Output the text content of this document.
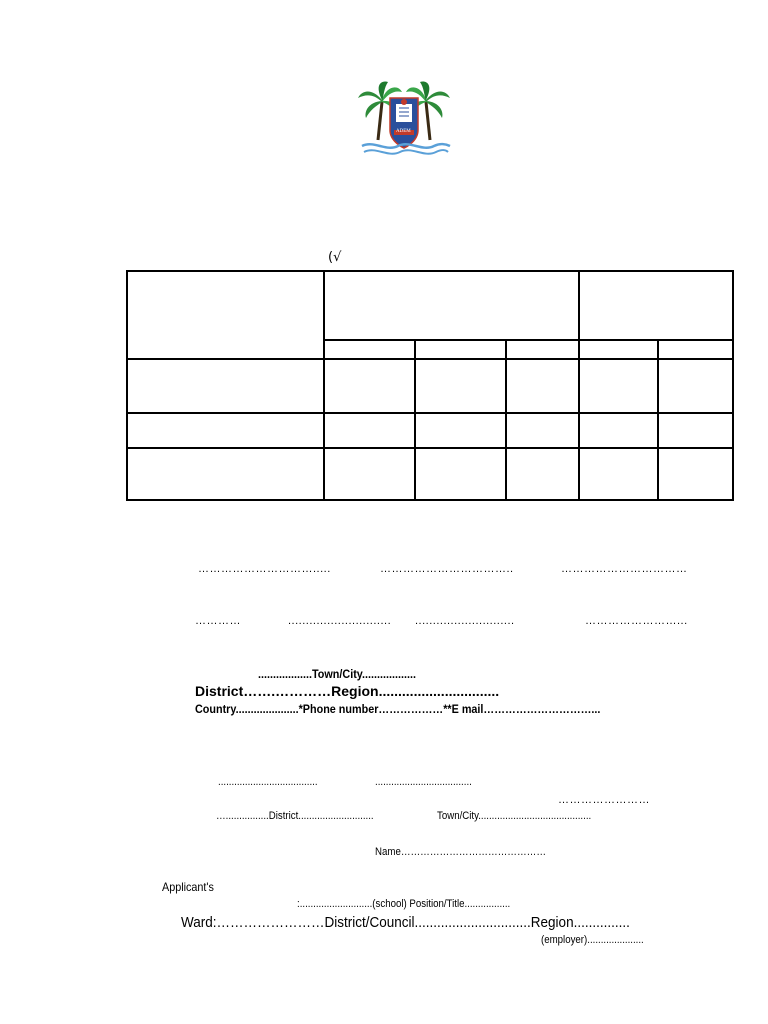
ADEM
(√
………………………….....	……………………………..	……………………………
…………	............................. ............................	……………………...
..................Town/City..................
District…….…………Region...............................
Country.....................*Phone number………………**E mail…………………………...
.....................................	....................................
……………………
…................District............................	Town/City..........................................
Name………………………………………
Applicant's
:...........................(school) Position/Title.................
Ward:……………………District/Council...............................Region...............
(employer).....................
